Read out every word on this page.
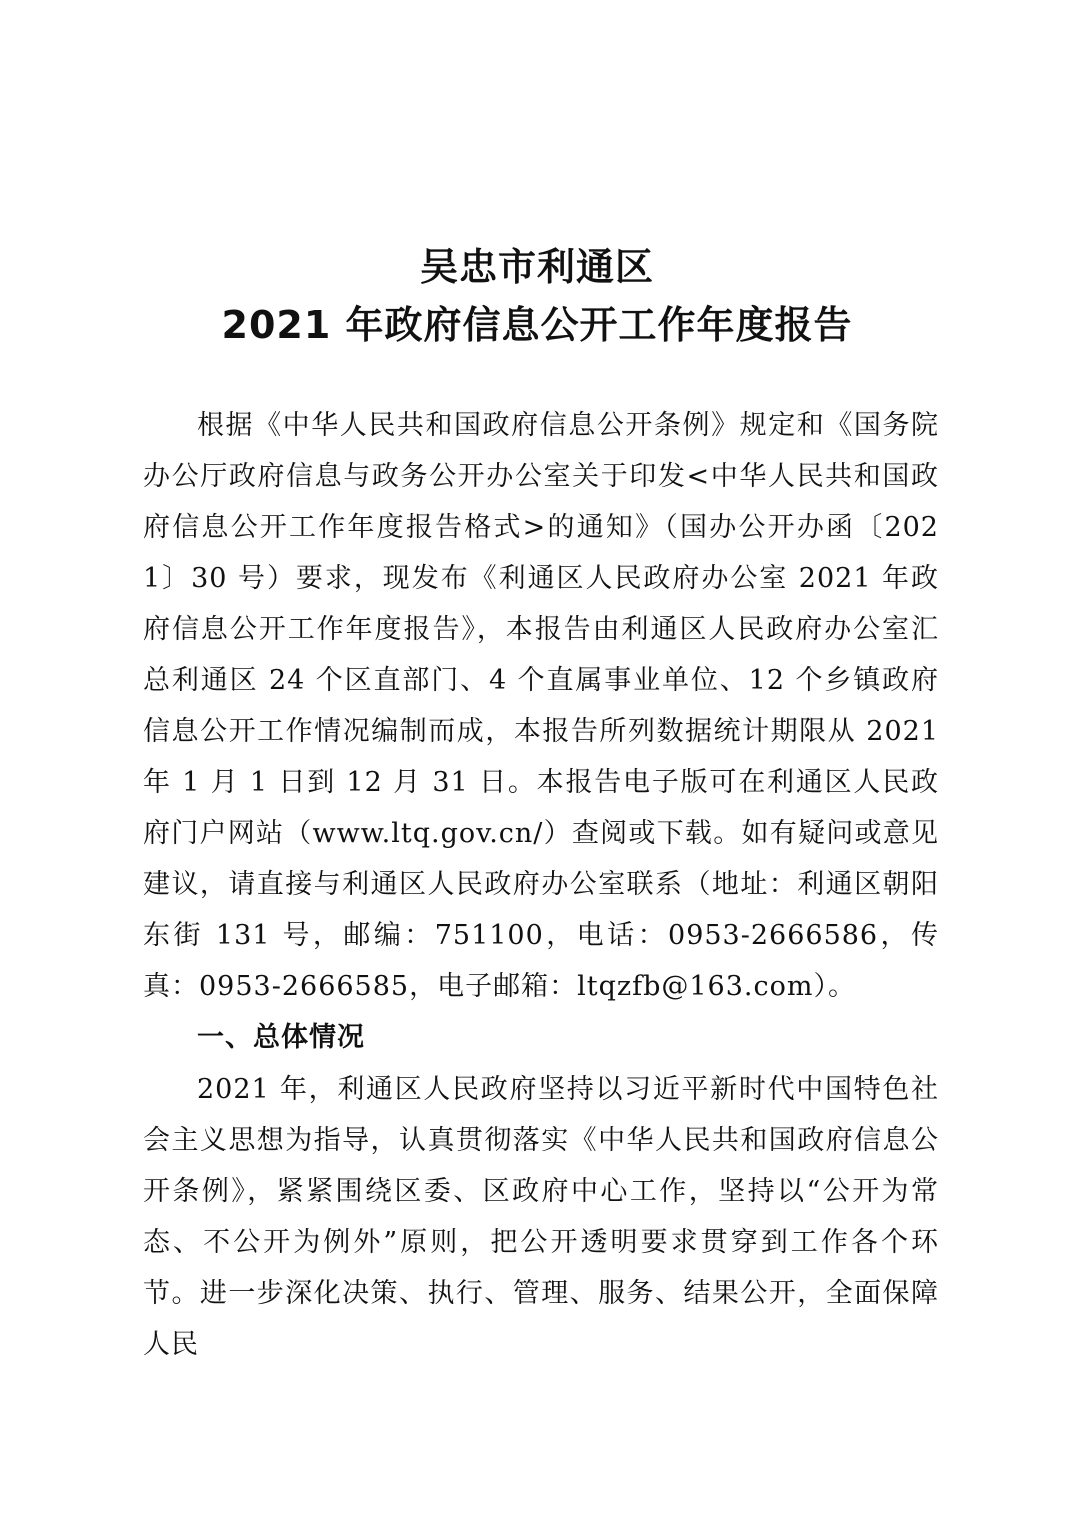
吴忠市利通区
2021 年政府信息公开工作年度报告

根据《中华人民共和国政府信息公开条例》规定和《国务院办公厅政府信息与政务公开办公室关于印发<中华人民共和国政府信息公开工作年度报告格式>的通知》（国办公开办函〔2021〕30 号）要求，现发布《利通区人民政府办公室 2021 年政府信息公开工作年度报告》，本报告由利通区人民政府办公室汇总利通区 24 个区直部门、4 个直属事业单位、12 个乡镇政府信息公开工作情况编制而成，本报告所列数据统计期限从 2021 年 1 月 1 日到 12 月 31 日。本报告电子版可在利通区人民政府门户网站（www.ltq.gov.cn/）查阅或下载。如有疑问或意见建议，请直接与利通区人民政府办公室联系（地址：利通区朝阳东街 131 号，邮编：751100，电话：0953-2666586，传真：0953-2666585，电子邮箱：ltqzfb@163.com）。

一、总体情况

2021 年，利通区人民政府坚持以习近平新时代中国特色社会主义思想为指导，认真贯彻落实《中华人民共和国政府信息公开条例》，紧紧围绕区委、区政府中心工作，坚持以“公开为常态、不公开为例外”原则，把公开透明要求贯穿到工作各个环节。进一步深化决策、执行、管理、服务、结果公开，全面保障人民
